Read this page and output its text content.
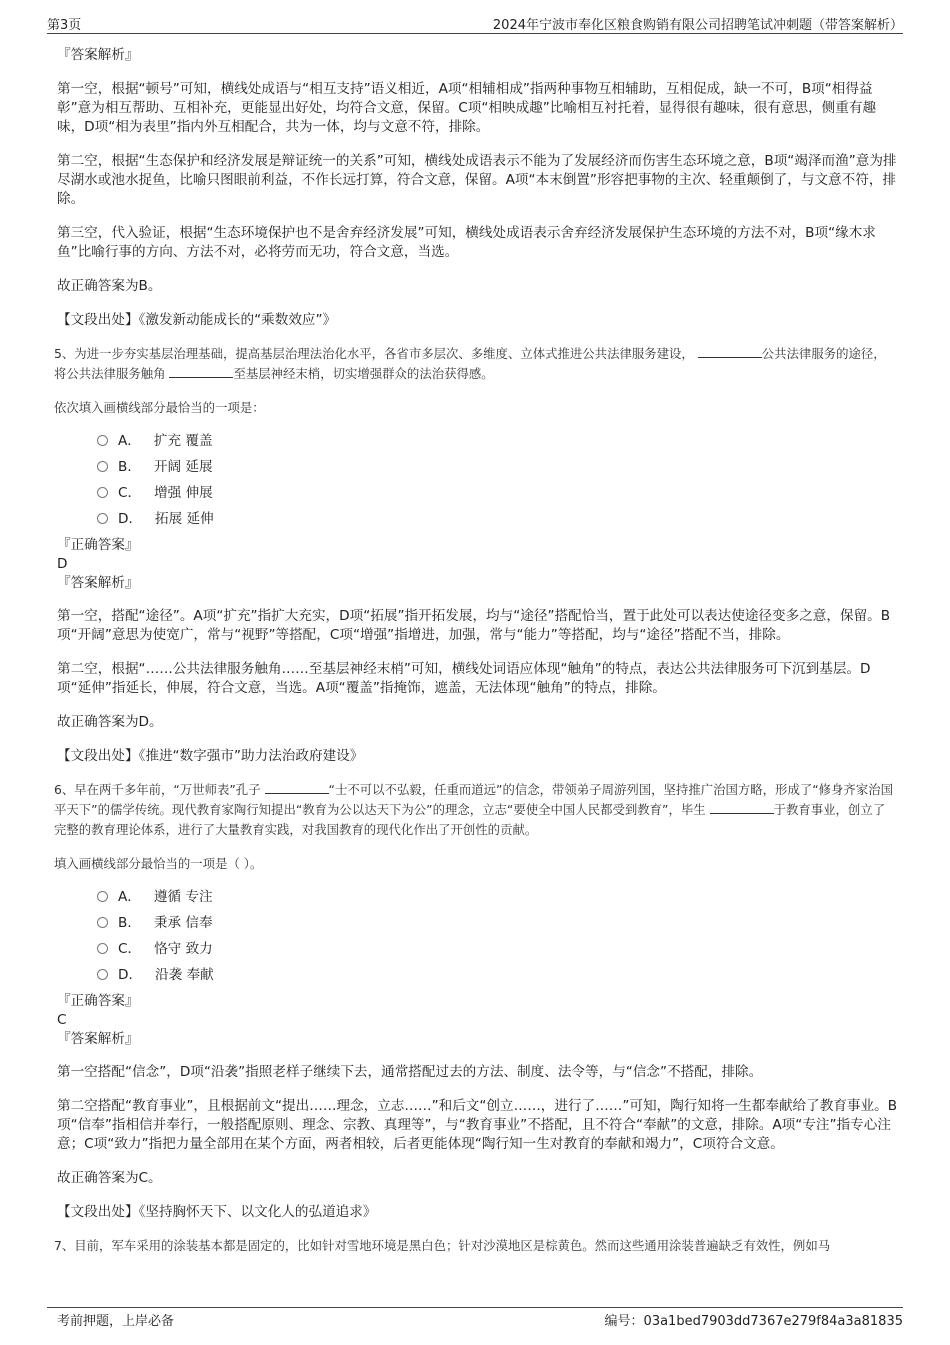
第3页	2024年宁波市奉化区粮食购销有限公司招聘笔试冲刺题（带答案解析）
『答案解析』

第一空，根据“顿号”可知，横线处成语与“相互支持”语义相近，A项“相辅相成”指两种事物互相辅助，互相促成，缺一不可，B项“相得益彰”意为相互帮助、互相补充，更能显出好处，均符合文意，保留。C项“相映成趣”比喻相互衬托着，显得很有趣味，很有意思，侧重有趣味，D项“相为表里”指内外互相配合，共为一体，均与文意不符，排除。

第二空，根据“生态保护和经济发展是辩证统一的关系”可知，横线处成语表示不能为了发展经济而伤害生态环境之意，B项“竭泽而渔”意为排尽湖水或池水捉鱼，比喻只图眼前利益，不作长远打算，符合文意，保留。A项“本末倒置”形容把事物的主次、轻重颠倒了，与文意不符，排除。

第三空，代入验证，根据“生态环境保护也不是舍弃经济发展”可知，横线处成语表示舍弃经济发展保护生态环境的方法不对，B项“缘木求鱼”比喻行事的方向、方法不对，必将劳而无功，符合文意，当选。

故正确答案为B。

【文段出处】《激发新动能成长的“乘数效应”》

5、为进一步夯实基层治理基础，提高基层治理法治化水平，各省市多层次、多维度、立体式推进公共法律服务建设，	公共法律服务的途径，将公共法律服务触角	至基层神经末梢，切实增强群众的法治获得感。

依次填入画横线部分最恰当的一项是：

A． 扩充 覆盖
B． 开阔 延展
C． 增强 伸展
D． 拓展 延伸
『正确答案』
D
『答案解析』

第一空，搭配“途径”。A项“扩充”指扩大充实，D项“拓展”指开拓发展，均与“途径”搭配恰当，置于此处可以表达使途径变多之意，保留。B项“开阔”意思为使宽广，常与“视野”等搭配，C项“增强”指增进，加强，常与“能力”等搭配，均与“途径”搭配不当，排除。

第二空，根据“……公共法律服务触角……至基层神经末梢”可知，横线处词语应体现“触角”的特点，表达公共法律服务可下沉到基层。D项“延伸”指延长，伸展，符合文意，当选。A项“覆盖”指掩饰，遮盖，无法体现“触角”的特点，排除。

故正确答案为D。

【文段出处】《推进“数字强市”助力法治政府建设》

6、早在两千多年前，“万世师表”孔子	“士不可以不弘毅，任重而道远”的信念，带领弟子周游列国，坚持推广治国方略，形成了“修身齐家治国平天下”的儒学传统。现代教育家陶行知提出“教育为公以达天下为公”的理念，立志“要使全中国人民都受到教育”，毕生	于教育事业，创立了完整的教育理论体系，进行了大量教育实践，对我国教育的现代化作出了开创性的贡献。

填入画横线部分最恰当的一项是（ ）。

A． 遵循 专注
B． 秉承 信奉
C． 恪守 致力
D． 沿袭 奉献
『正确答案』
C
『答案解析』

第一空搭配“信念”，D项“沿袭”指照老样子继续下去，通常搭配过去的方法、制度、法令等，与“信念”不搭配，排除。

第二空搭配“教育事业”，且根据前文“提出……理念，立志……”和后文“创立……，进行了……”可知，陶行知将一生都奉献给了教育事业。B项“信奉”指相信并奉行，一般搭配原则、理念、宗教、真理等”，与“教育事业”不搭配，且不符合“奉献”的文意，排除。A项“专注”指专心注意；C项“致力”指把力量全部用在某个方面，两者相较，后者更能体现“陶行知一生对教育的奉献和竭力”，C项符合文意。

故正确答案为C。

【文段出处】《坚持胸怀天下、以文化人的弘道追求》

7、目前，军车采用的涂装基本都是固定的，比如针对雪地环境是黑白色；针对沙漠地区是棕黄色。然而这些通用涂装普遍缺乏有效性，例如马

考前押题，上岸必备	编号：03a1bed7903dd7367e279f84a3a81835
